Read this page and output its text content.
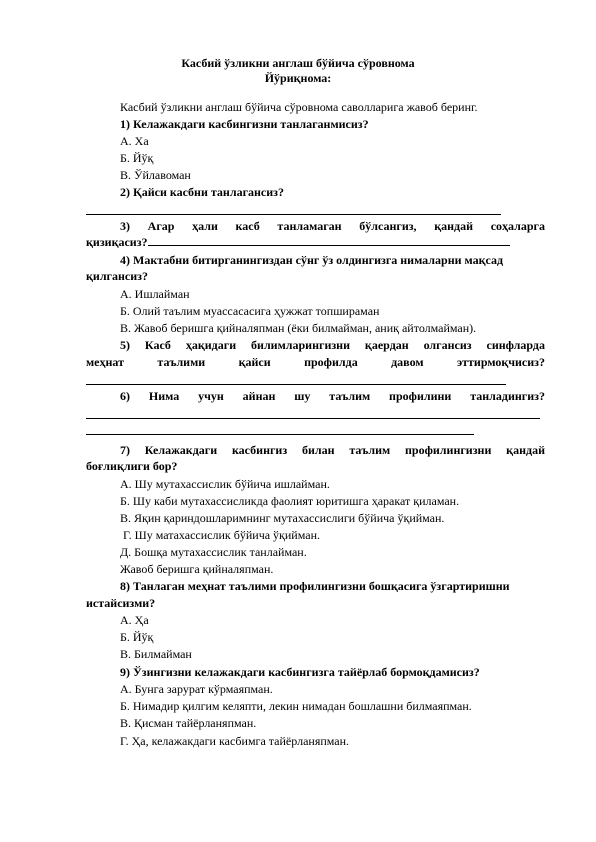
Касбий ўзликни англаш бўйича сўровнома
Йўриқнома:
Касбий ўзликни англаш бўйича сўровнома саволларига жавоб беринг.
1) Келажакдаги касбингизни танлаганмисиз?
А. Ха
Б. Йўқ
В. Ўйлавоман
2) Қайси касбни танлагансиз?
3) Агар ҳали касб танламаган бўлсангиз, қандай соҳаларга
қизиқасиз?
4) Мактабни битирганингиздан сўнг ўз олдингизга нималарни мақсад
қилгансиз?
А. Ишлайман
Б. Олий таълим муассасасига ҳужжат топшираман
В. Жавоб беришга қийналяпман (ёки билмайман, аниқ айтолмайман).
5) Касб ҳақидаги билимларингизни қаердан олгансиз синфларда
меҳнат таълими қайси профилда давом эттирмоқчисиз?
6) Нима учун айнан шу таълим профилини танладингиз?
7) Келажакдаги касбингиз билан таълим профилингизни қандай
боғлиқлиги бор?
А. Шу мутахассислик бўйича ишлайман.
Б. Шу каби мутахассисликда фаолият юритишга ҳаракат қиламан.
В. Яқин қариндошларимнинг мутахассислиги бўйича ўқийман.
Г. Шу матахассислик бўйича ўқийман.
Д. Бошқа мутахассислик танлайман.
Жавоб беришга қийналяпман.
8) Танлаган меҳнат таълими профилингизни бошқасига ўзгартиришни
истайсизми?
А. Ҳа
Б. Йўқ
В. Билмайман
9) Ўзингизни келажакдаги касбингизга тайёрлаб бормоқдамисиз?
А. Бунга зарурат кўрмаяпман.
Б. Нимадир қилгим келяпти, лекин нимадан бошлашни билмаяпман.
В. Қисман тайёрланяпман.
Г. Ҳа, келажакдаги касбимга тайёрланяпман.
